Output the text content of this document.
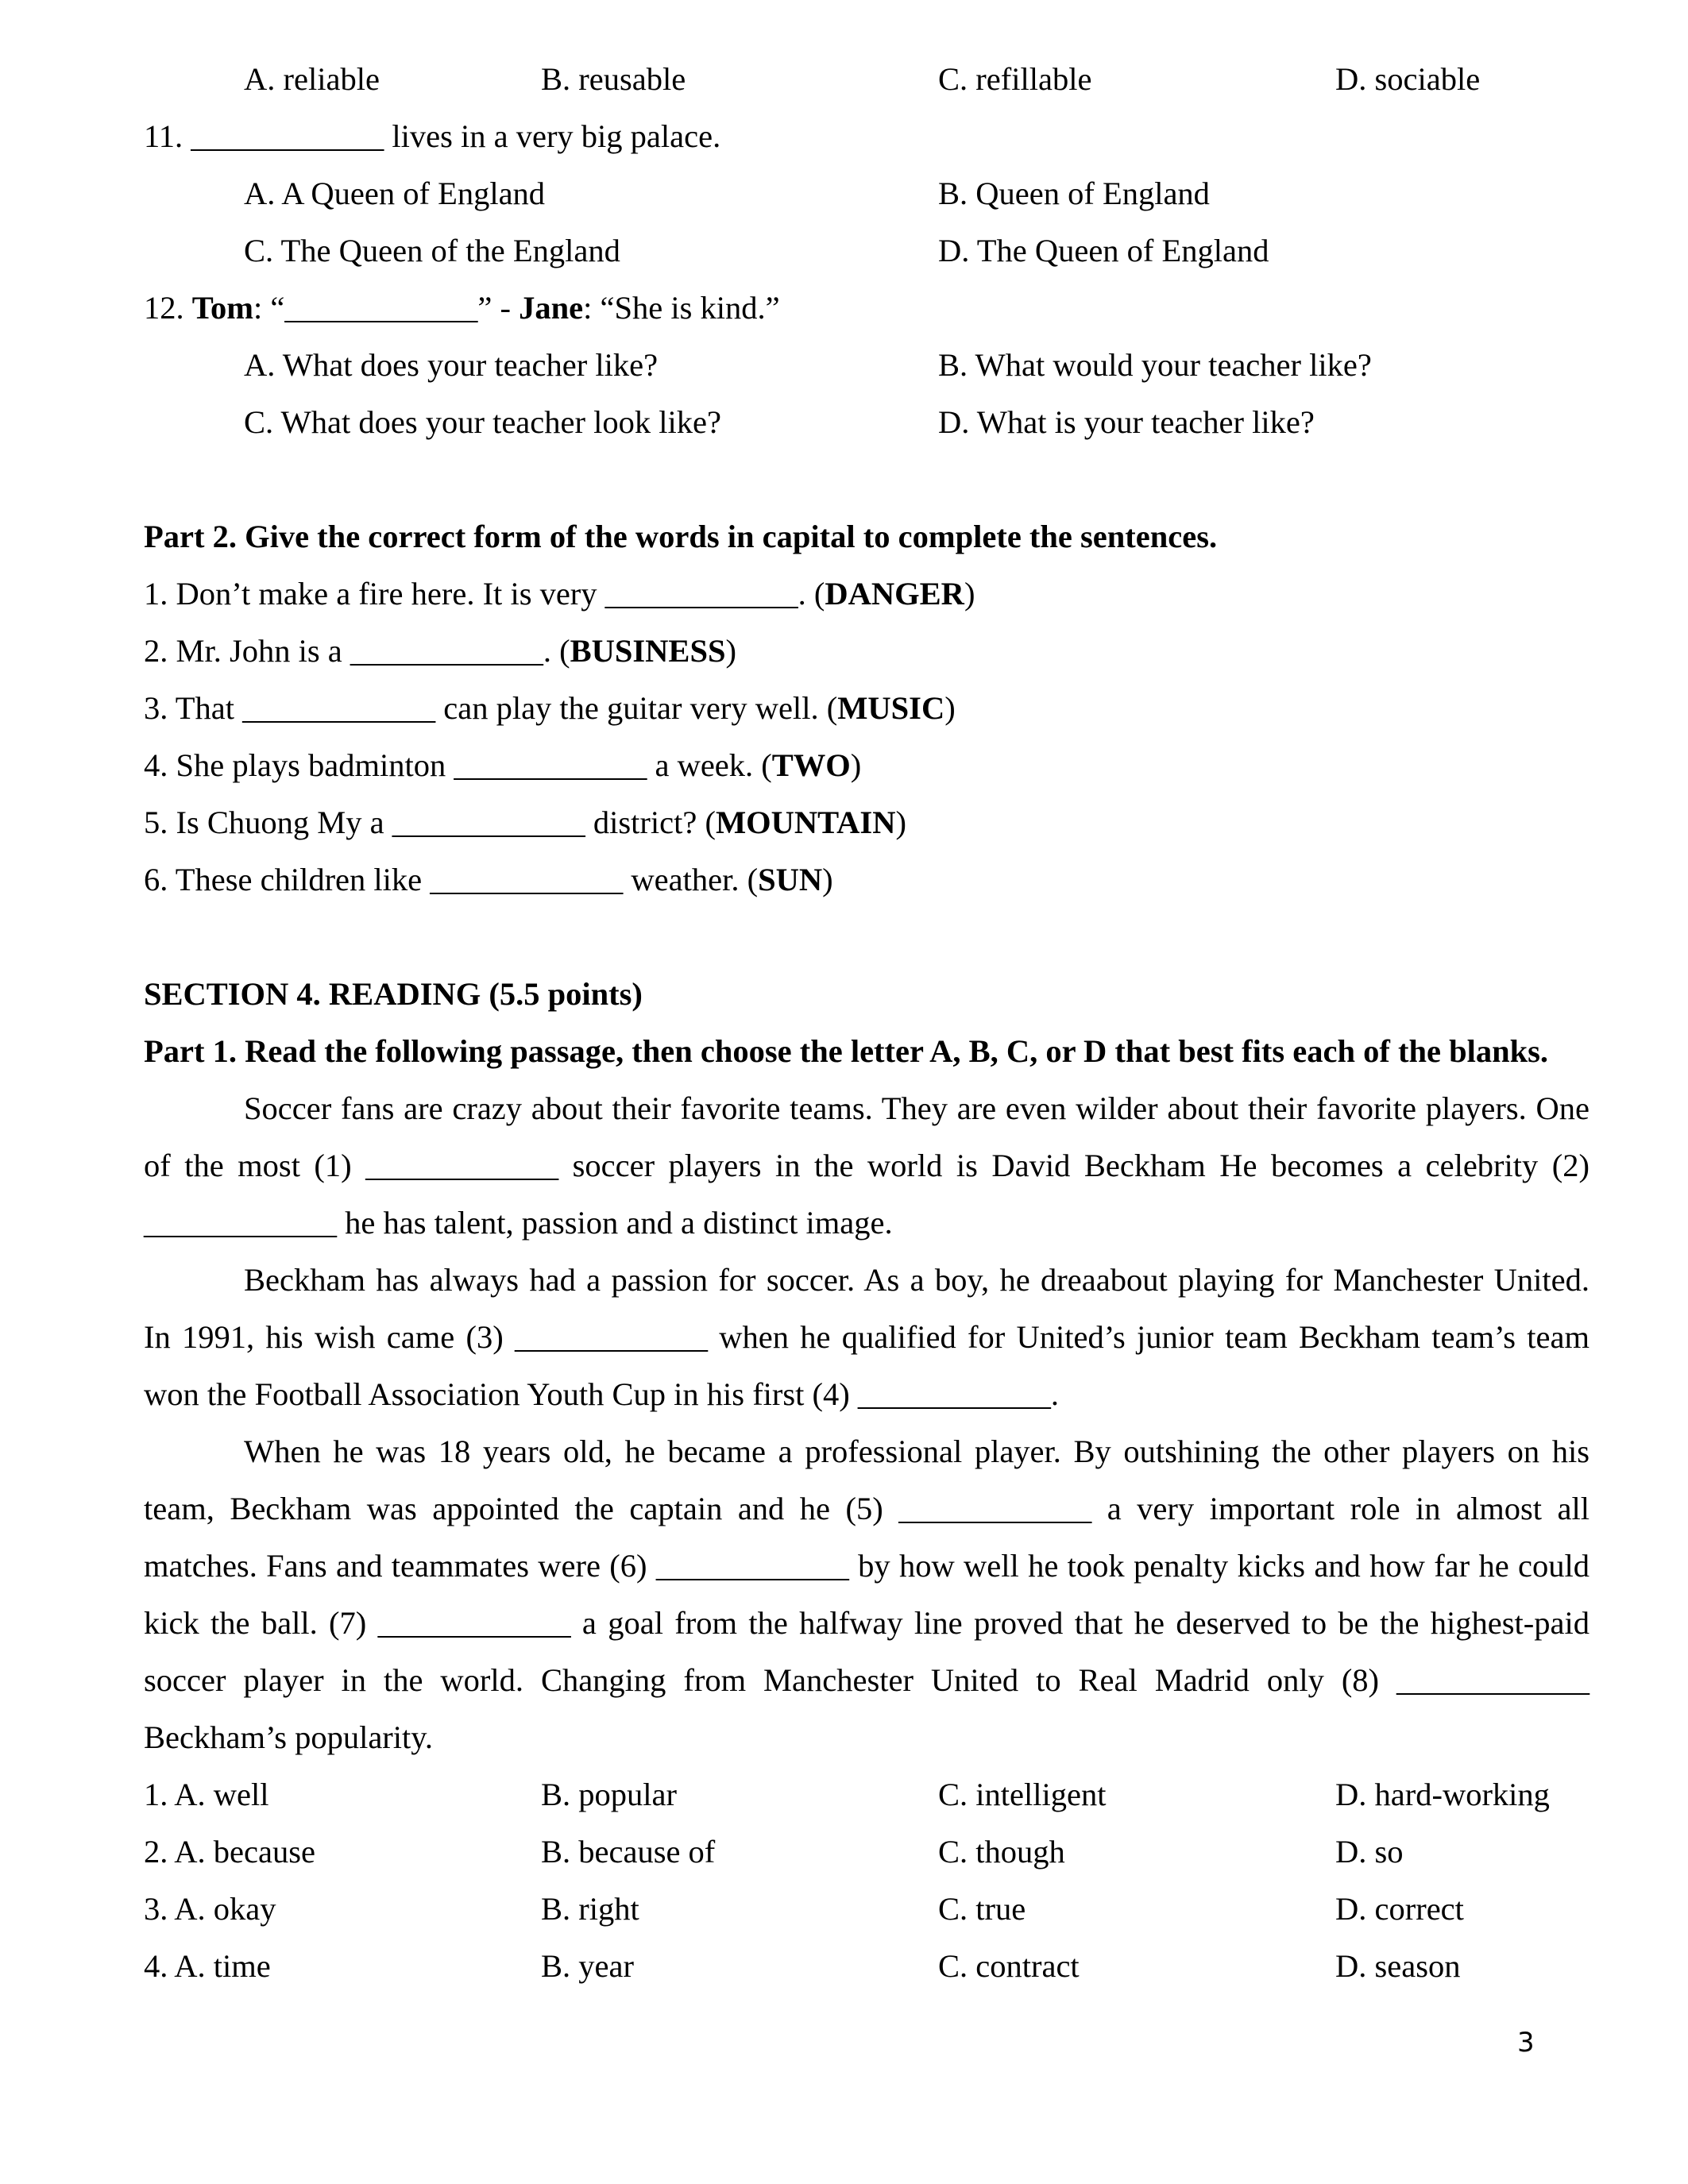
A. reliable	B. reusable	C. refillable	D. sociable
11. ____________ lives in a very big palace.
A. A Queen of England	B. Queen of England
C. The Queen of the England	D. The Queen of England
12. Tom: “____________” - Jane: “She is kind.”
A. What does your teacher like?	B. What would your teacher like?
C. What does your teacher look like?	D. What is your teacher like?
Part 2. Give the correct form of the words in capital to complete the sentences.
1. Don’t make a fire here. It is very ____________. (DANGER)
2. Mr. John is a ____________. (BUSINESS)
3. That ____________ can play the guitar very well. (MUSIC)
4. She plays badminton ____________ a week. (TWO)
5. Is Chuong My a ____________ district? (MOUNTAIN)
6. These children like ____________ weather. (SUN)
SECTION 4. READING (5.5 points)
Part 1. Read the following passage, then choose the letter A, B, C, or D that best fits each of the blanks.
Soccer fans are crazy about their favorite teams. They are even wilder about their favorite players. One
of the most (1) ____________ soccer players in the world is David Beckham He becomes a celebrity (2)
____________ he has talent, passion and a distinct image.
Beckham has always had a passion for soccer. As a boy, he dreaabout playing for Manchester United.
In 1991, his wish came (3) ____________ when he qualified for United’s junior team Beckham team’s team
won the Football Association Youth Cup in his first (4) ____________.
When he was 18 years old, he became a professional player. By outshining the other players on his
team, Beckham was appointed the captain and he (5) ____________ a very important role in almost all
matches. Fans and teammates were (6) ____________ by how well he took penalty kicks and how far he could
kick the ball. (7) ____________ a goal from the halfway line proved that he deserved to be the highest-paid
soccer player in the world. Changing from Manchester United to Real Madrid only (8) ____________
Beckham’s popularity.
1. A. well	B. popular	C. intelligent	D. hard-working
2. A. because	B. because of	C. though	D. so
3. A. okay	B. right	C. true	D. correct
4. A. time	B. year	C. contract	D. season
3
